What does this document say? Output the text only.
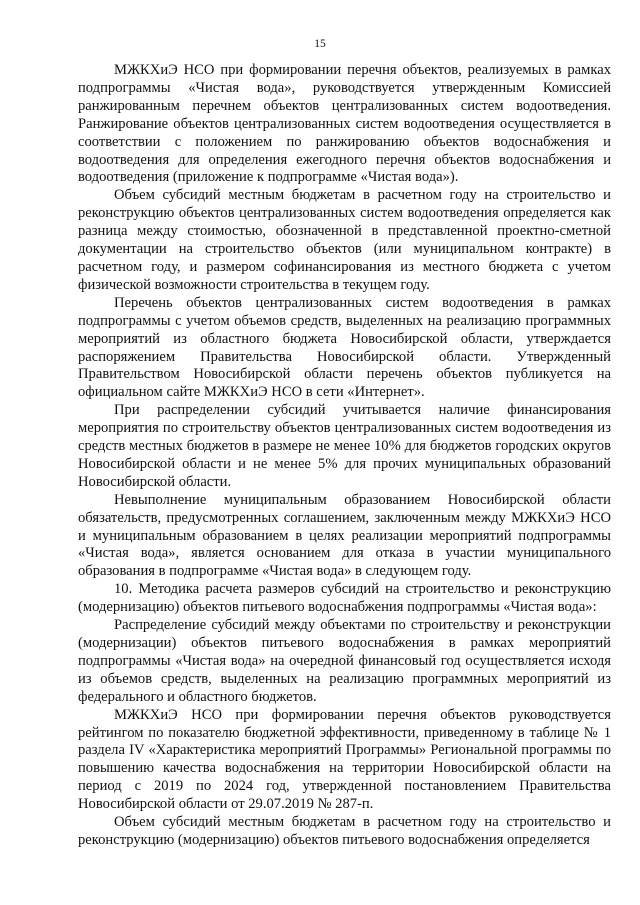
15

МЖКХиЭ НСО при формировании перечня объектов, реализуемых в рамках подпрограммы «Чистая вода», руководствуется утвержденным Комиссией ранжированным перечнем объектов централизованных систем водоотведения. Ранжирование объектов централизованных систем водоотведения осуществляется в соответствии с положением по ранжированию объектов водоснабжения и водоотведения для определения ежегодного перечня объектов водоснабжения и водоотведения (приложение к подпрограмме «Чистая вода»).

Объем субсидий местным бюджетам в расчетном году на строительство и реконструкцию объектов централизованных систем водоотведения определяется как разница между стоимостью, обозначенной в представленной проектно-сметной документации на строительство объектов (или муниципальном контракте) в расчетном году, и размером софинансирования из местного бюджета с учетом физической возможности строительства в текущем году.

Перечень объектов централизованных систем водоотведения в рамках подпрограммы с учетом объемов средств, выделенных на реализацию программных мероприятий из областного бюджета Новосибирской области, утверждается распоряжением Правительства Новосибирской области. Утвержденный Правительством Новосибирской области перечень объектов публикуется на официальном сайте МЖКХиЭ НСО в сети «Интернет».

При распределении субсидий учитывается наличие финансирования мероприятия по строительству объектов централизованных систем водоотведения из средств местных бюджетов в размере не менее 10% для бюджетов городских округов Новосибирской области и не менее 5% для прочих муниципальных образований Новосибирской области.

Невыполнение муниципальным образованием Новосибирской области обязательств, предусмотренных соглашением, заключенным между МЖКХиЭ НСО и муниципальным образованием в целях реализации мероприятий подпрограммы «Чистая вода», является основанием для отказа в участии муниципального образования в подпрограмме «Чистая вода» в следующем году.

10. Методика расчета размеров субсидий на строительство и реконструкцию (модернизацию) объектов питьевого водоснабжения подпрограммы «Чистая вода»:

Распределение субсидий между объектами по строительству и реконструкции (модернизации) объектов питьевого водоснабжения в рамках мероприятий подпрограммы «Чистая вода» на очередной финансовый год осуществляется исходя из объемов средств, выделенных на реализацию программных мероприятий из федерального и областного бюджетов.

МЖКХиЭ НСО при формировании перечня объектов руководствуется рейтингом по показателю бюджетной эффективности, приведенному в таблице № 1 раздела IV «Характеристика мероприятий Программы» Региональной программы по повышению качества водоснабжения на территории Новосибирской области на период с 2019 по 2024 год, утвержденной постановлением Правительства Новосибирской области от 29.07.2019 № 287-п.

Объем субсидий местным бюджетам в расчетном году на строительство и реконструкцию (модернизацию) объектов питьевого водоснабжения определяется
